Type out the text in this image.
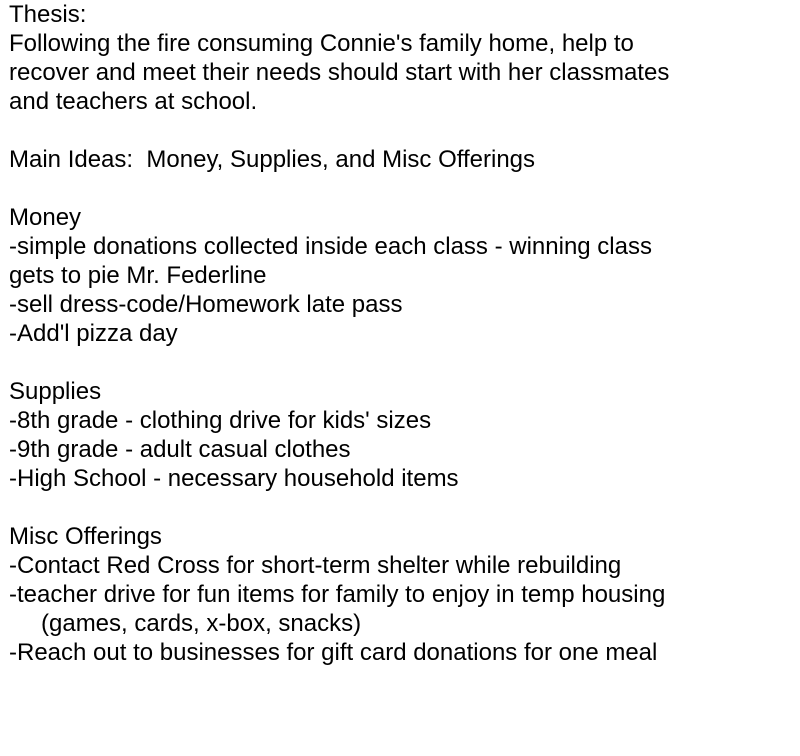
Thesis:
Following the fire consuming Connie's family home, help to
recover and meet their needs should start with her classmates
and teachers at school.
Main Ideas:  Money, Supplies, and Misc Offerings
Money
-simple donations collected inside each class - winning class
gets to pie Mr. Federline
-sell dress-code/Homework late pass
-Add'l pizza day
Supplies
-8th grade - clothing drive for kids' sizes
-9th grade - adult casual clothes
-High School - necessary household items
Misc Offerings
-Contact Red Cross for short-term shelter while rebuilding
-teacher drive for fun items for family to enjoy in temp housing
(games, cards, x-box, snacks)
-Reach out to businesses for gift card donations for one meal
